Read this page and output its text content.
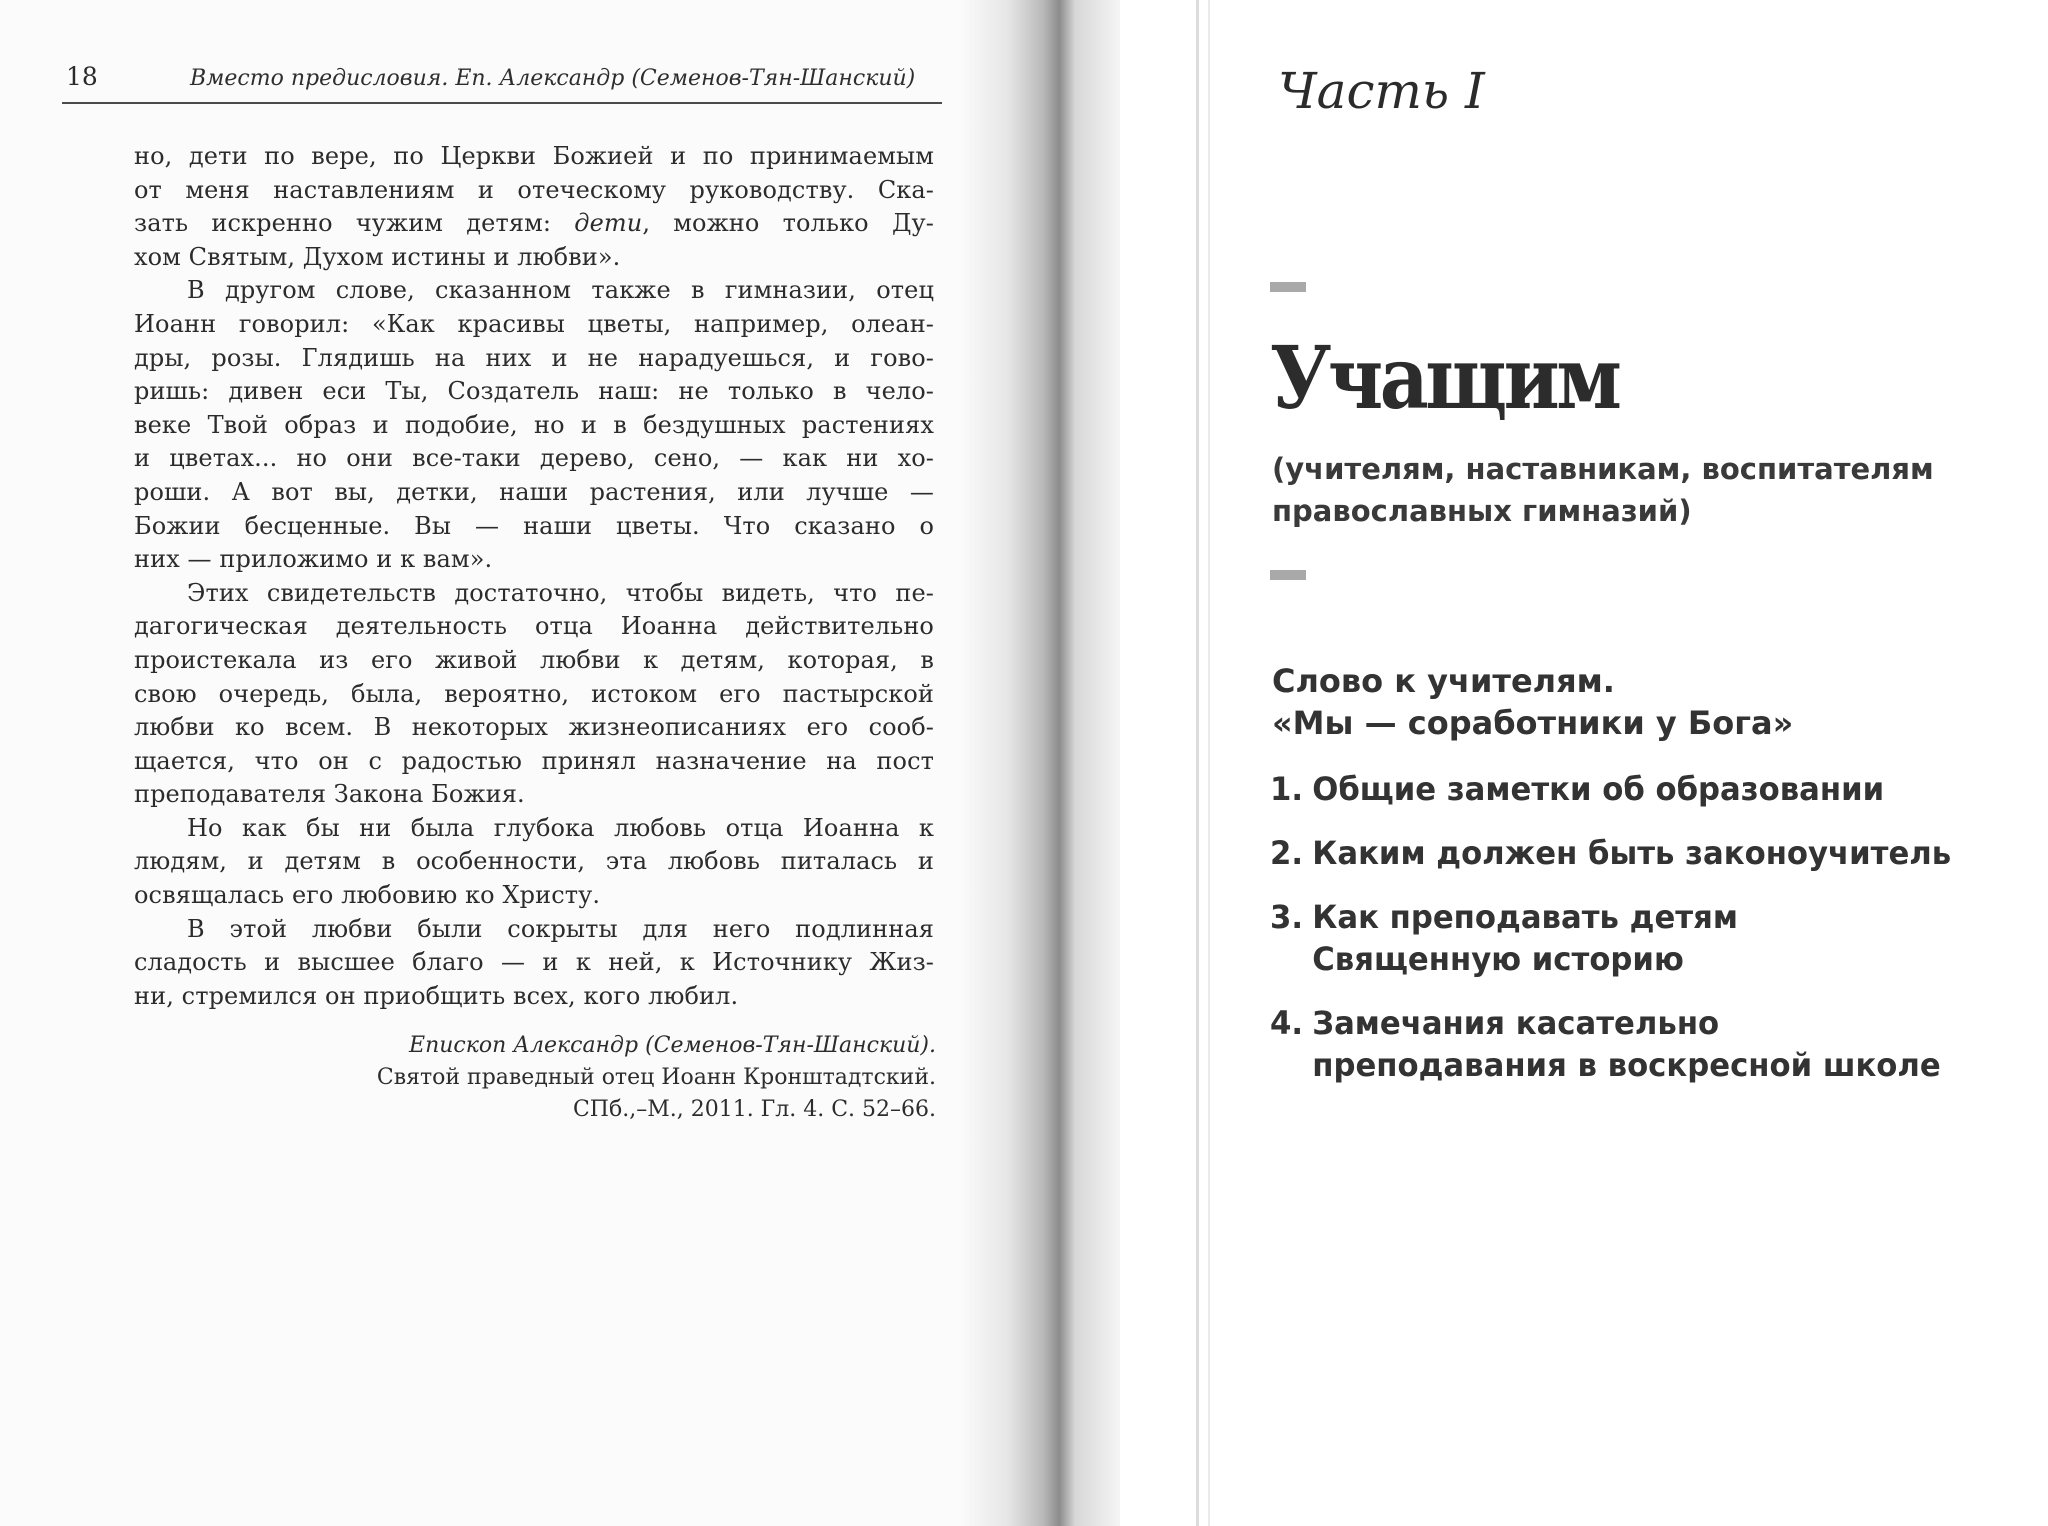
18	Вместо предисловия. Еп. Александр (Семенов-Тян-Шанский)
но, дети по вере, по Церкви Божией и по принимаемым
от меня наставлениям и отеческому руководству. Ска-
зать искренно чужим детям: дети, можно только Ду-
хом Святым, Духом истины и любви».
В другом слове, сказанном также в гимназии, отец
Иоанн говорил: «Как красивы цветы, например, олеан-
дры, розы. Глядишь на них и не нарадуешься, и гово-
ришь: дивен еси Ты, Создатель наш: не только в чело-
веке Твой образ и подобие, но и в бездушных растениях
и цветах... но они все-таки дерево, сено, — как ни хо-
роши. А вот вы, детки, наши растения, или лучше —
Божии бесценные. Вы — наши цветы. Что сказано о
них — приложимо и к вам».
Этих свидетельств достаточно, чтобы видеть, что пе-
дагогическая деятельность отца Иоанна действительно
проистекала из его живой любви к детям, которая, в
свою очередь, была, вероятно, истоком его пастырской
любви ко всем. В некоторых жизнеописаниях его сооб-
щается, что он с радостью принял назначение на пост
преподавателя Закона Божия.
Но как бы ни была глубока любовь отца Иоанна к
людям, и детям в особенности, эта любовь питалась и
освящалась его любовию ко Христу.
В этой любви были сокрыты для него подлинная
сладость и высшее благо — и к ней, к Источнику Жиз-
ни, стремился он приобщить всех, кого любил.
Епископ Александр (Семенов-Тян-Шанский).
Святой праведный отец Иоанн Кронштадтский.
СПб.,–М., 2011. Гл. 4. С. 52–66.
Часть I
Учащим
(учителям, наставникам, воспитателям
православных гимназий)
Слово к учителям.
«Мы — соработники у Бога»
1. Общие заметки об образовании
2. Каким должен быть законоучитель
3. Как преподавать детям
Священную историю
4. Замечания касательно
преподавания в воскресной школе
